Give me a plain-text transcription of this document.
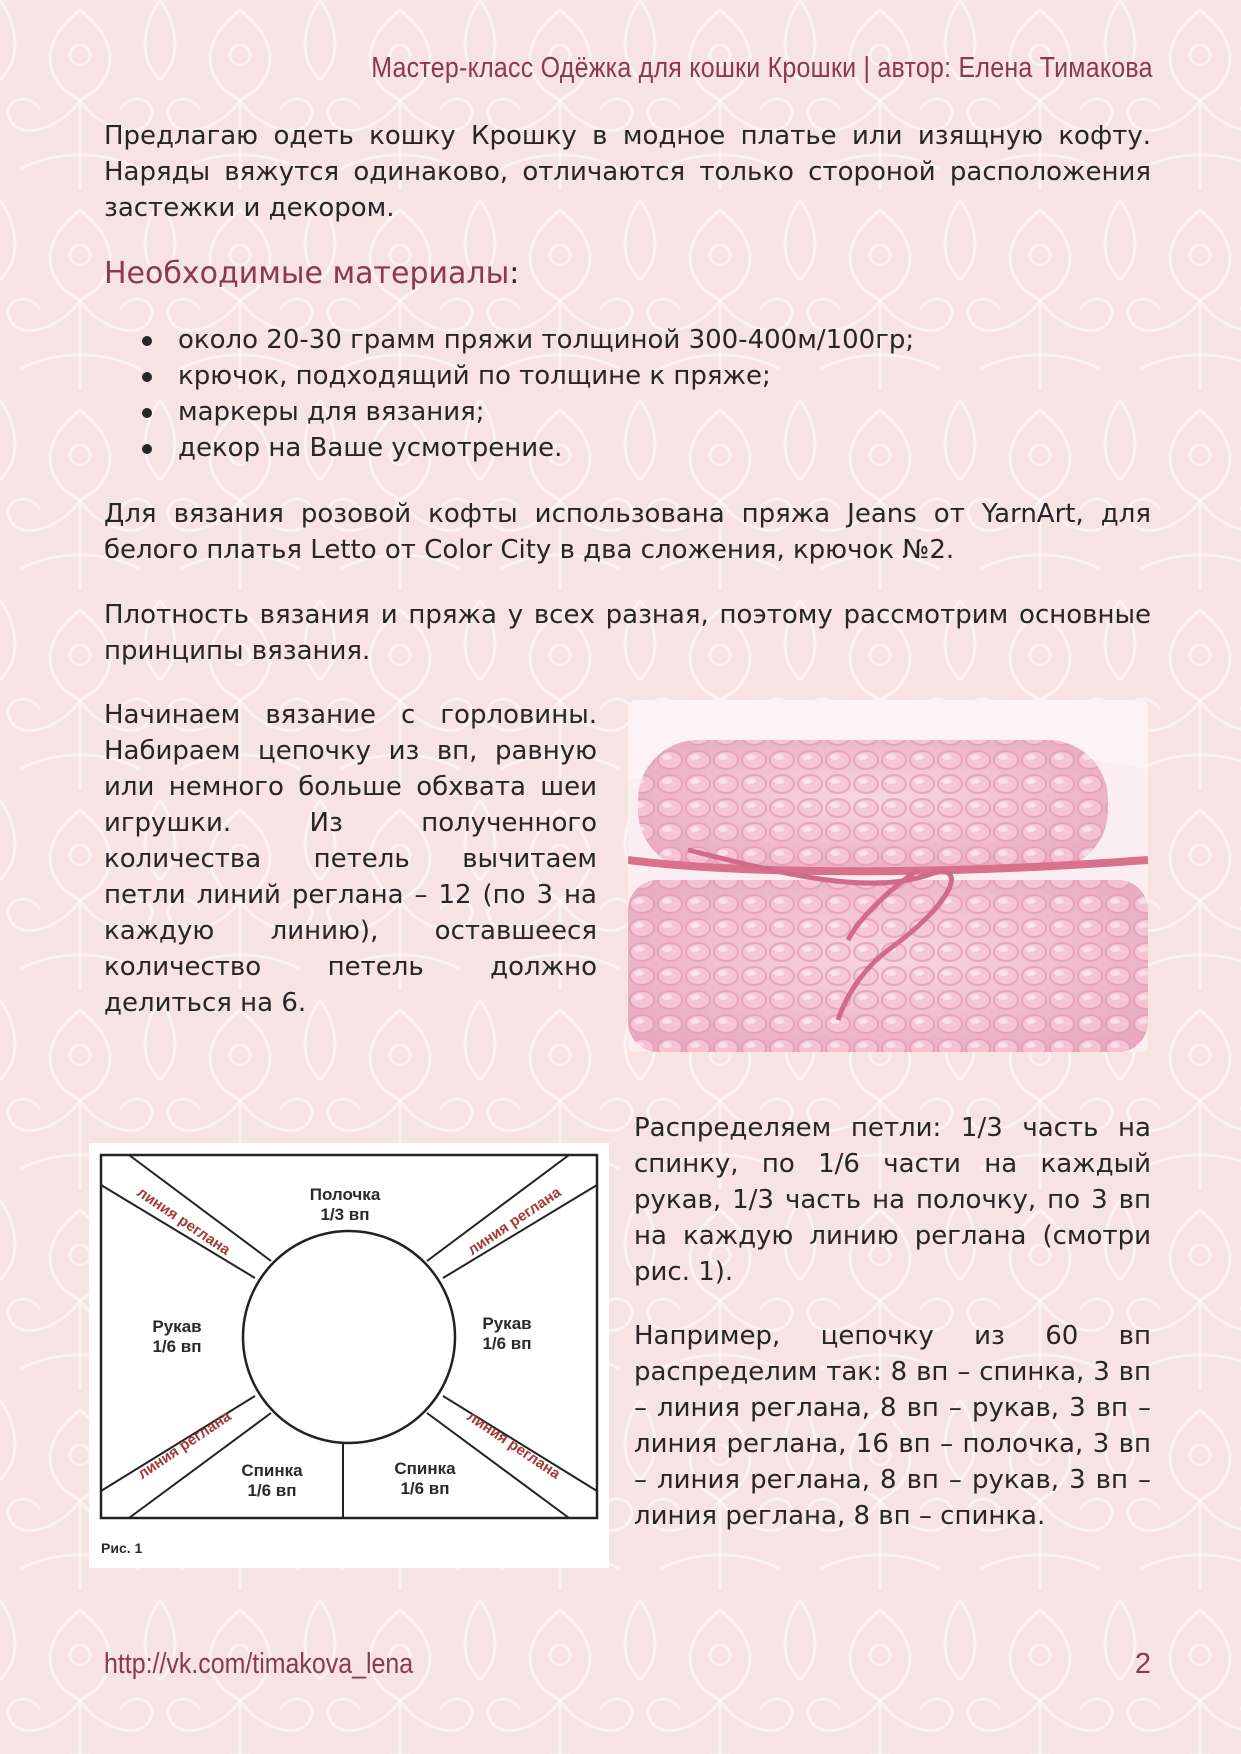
Мастер-класс Одёжка для кошки Крошки | автор: Елена Тимакова
Предлагаю одеть кошку Крошку в модное платье или изящную кофту. Наряды вяжутся одинаково, отличаются только стороной расположения застежки и декором.
Необходимые материалы:
около 20-30 грамм пряжи толщиной 300-400м/100гр;
крючок, подходящий по толщине к пряже;
маркеры для вязания;
декор на Ваше усмотрение.
Для вязания розовой кофты использована пряжа Jeans от YarnArt, для белого платья Letto от Color City в два сложения, крючок №2.
Плотность вязания и пряжа у всех разная, поэтому рассмотрим основные принципы вязания.
Начинаем вязание с горловины. Набираем цепочку из вп, равную или немного больше обхвата шеи игрушки. Из полученного количества петель вычитаем петли линий реглана – 12 (по 3 на каждую линию), оставшееся количество петель должно делиться на 6.
линия реглана	линия реглана
линия реглана	линия реглана
Полочка
1/3 вп
Рукав
1/6 вп
Рукав
1/6 вп
Спинка
1/6 вп
Спинка
1/6 вп
Рис. 1
Распределяем петли: 1/3 часть на спинку, по 1/6 части на каждый рукав, 1/3 часть на полочку, по 3 вп на каждую линию реглана (смотри рис. 1).
Например, цепочку из 60 вп распределим так: 8 вп – спинка, 3 вп – линия реглана, 8 вп – рукав, 3 вп – линия реглана, 16 вп – полочка, 3 вп – линия реглана, 8 вп – рукав, 3 вп – линия реглана, 8 вп – спинка.
http://vk.com/timakova_lena	2
